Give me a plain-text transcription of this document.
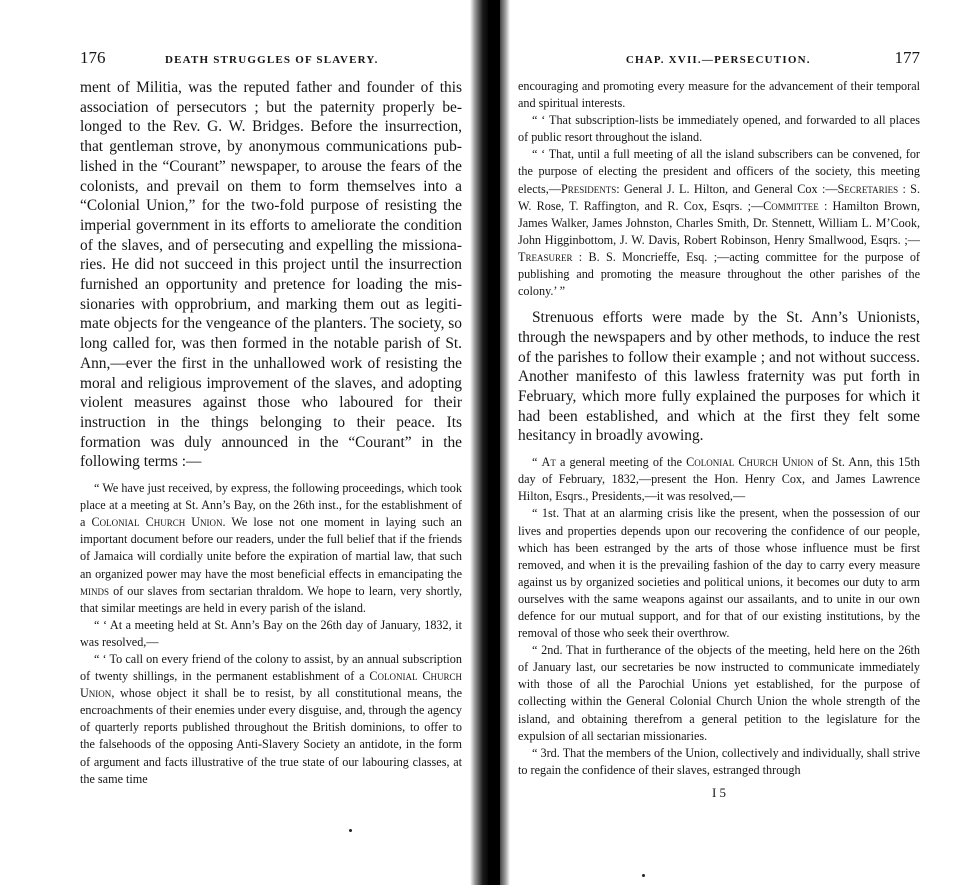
176	DEATH STRUGGLES OF SLAVERY.

ment of Militia, was the reputed father and founder of this association of persecutors ; but the paternity properly belonged to the Rev. G. W. Bridges. Before the insurrection, that gentleman strove, by anonymous communications published in the “Courant” newspaper, to arouse the fears of the colonists, and prevail on them to form themselves into a “Colonial Union,” for the two-fold purpose of resisting the imperial government in its efforts to ameliorate the condition of the slaves, and of persecuting and expelling the missionaries. He did not succeed in this project until the insurrection furnished an opportunity and pretence for loading the missionaries with opprobrium, and marking them out as legitimate objects for the vengeance of the planters. The society, so long called for, was then formed in the notable parish of St. Ann,—ever the first in the unhallowed work of resisting the moral and religious improvement of the slaves, and adopting violent measures against those who laboured for their instruction in the things belonging to their peace. Its formation was duly announced in the “Courant” in the following terms :—

“ We have just received, by express, the following proceedings, which took place at a meeting at St. Ann’s Bay, on the 26th inst., for the establishment of a Colonial Church Union. We lose not one moment in laying such an important document before our readers, under the full belief that if the friends of Jamaica will cordially unite before the expiration of martial law, that such an organized power may have the most beneficial effects in emancipating the minds of our slaves from sectarian thraldom. We hope to learn, very shortly, that similar meetings are held in every parish of the island.

“ ‘ At a meeting held at St. Ann’s Bay on the 26th day of January, 1832, it was resolved,—

“ ‘ To call on every friend of the colony to assist, by an annual subscription of twenty shillings, in the permanent establishment of a Colonial Church Union, whose object it shall be to resist, by all constitutional means, the encroachments of their enemies under every disguise, and, through the agency of quarterly reports published throughout the British dominions, to offer to the falsehoods of the opposing Anti-Slavery Society an antidote, in the form of argument and facts illustrative of the true state of our labouring classes, at the same time

CHAP. XVII.—PERSECUTION.	177

encouraging and promoting every measure for the advancement of their temporal and spiritual interests.

“ ‘ That subscription-lists be immediately opened, and forwarded to all places of public resort throughout the island.

“ ‘ That, until a full meeting of all the island subscribers can be convened, for the purpose of electing the president and officers of the society, this meeting elects,—Presidents: General J. L. Hilton, and General Cox :—Secretaries : S. W. Rose, T. Raffington, and R. Cox, Esqrs. ;—Committee : Hamilton Brown, James Walker, James Johnston, Charles Smith, Dr. Stennett, William L. M’Cook, John Higginbottom, J. W. Davis, Robert Robinson, Henry Smallwood, Esqrs. ;—Treasurer : B. S. Moncrieffe, Esq. ;—acting committee for the purpose of publishing and promoting the measure throughout the other parishes of the colony.’ ”

Strenuous efforts were made by the St. Ann’s Unionists, through the newspapers and by other methods, to induce the rest of the parishes to follow their example ; and not without success. Another manifesto of this lawless fraternity was put forth in February, which more fully explained the purposes for which it had been established, and which at the first they felt some hesitancy in broadly avowing.

“ At a general meeting of the Colonial Church Union of St. Ann, this 15th day of February, 1832,—present the Hon. Henry Cox, and James Lawrence Hilton, Esqrs., Presidents,—it was resolved,—

“ 1st. That at an alarming crisis like the present, when the possession of our lives and properties depends upon our recovering the confidence of our people, which has been estranged by the arts of those whose influence must be first removed, and when it is the prevailing fashion of the day to carry every measure against us by organized societies and political unions, it becomes our duty to arm ourselves with the same weapons against our assailants, and to unite in our own defence for our mutual support, and for that of our existing institutions, by the removal of those who seek their overthrow.

“ 2nd. That in furtherance of the objects of the meeting, held here on the 26th of January last, our secretaries be now instructed to communicate immediately with those of all the Parochial Unions yet established, for the purpose of collecting within the General Colonial Church Union the whole strength of the island, and obtaining therefrom a general petition to the legislature for the expulsion of all sectarian missionaries.

“ 3rd. That the members of the Union, collectively and individually, shall strive to regain the confidence of their slaves, estranged through

I 5
